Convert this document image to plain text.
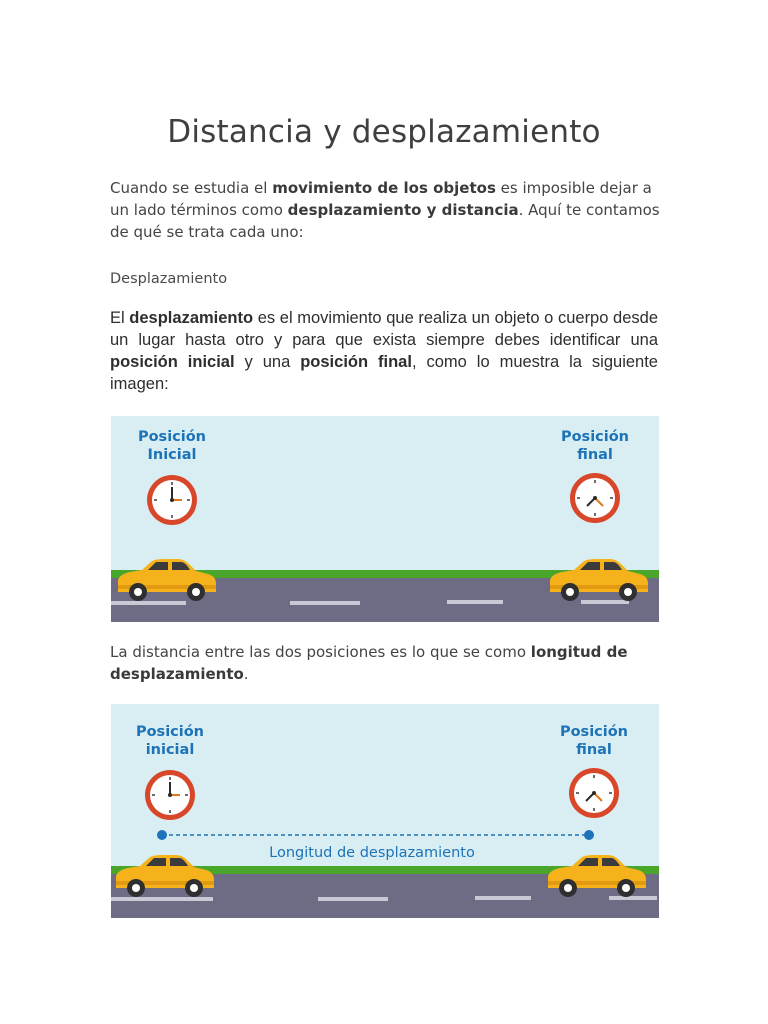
Distancia y desplazamiento

Cuando se estudia el movimiento de los objetos es imposible dejar a un lado términos como desplazamiento y distancia. Aquí te contamos de qué se trata cada uno:

Desplazamiento

El desplazamiento es el movimiento que realiza un objeto o cuerpo desde un lugar hasta otro y para que exista siempre debes identificar una posición inicial y una posición final, como lo muestra la siguiente imagen:

Posición
Inicial
Posición
final

La distancia entre las dos posiciones es lo que se como longitud de desplazamiento.

Posición
inicial
Posición
final
Longitud de desplazamiento
